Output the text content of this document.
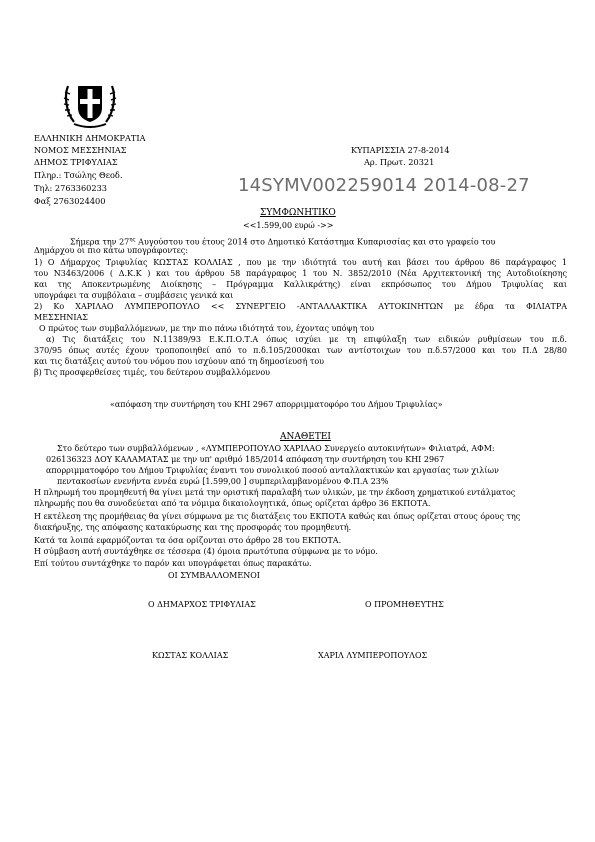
ΕΛΛΗΝΙΚΗ ΔΗΜΟΚΡΑΤΙΑ
ΝΟΜΟΣ ΜΕΣΣΗΝΙΑΣ
ΔΗΜΟΣ ΤΡΙΦΥΛΙΑΣ
Πληρ.: Τσώλης Θεοδ.
Τηλ: 2763360233
Φαξ 2763024400
ΚΥΠΑΡΙΣΣΙΑ 27-8-2014
Αρ. Πρωτ. 20321
14SYMV002259014 2014-08-27
ΣΥΜΦΩΝΗΤΙΚΟ
<<1.599,00 ευρώ ->>
Σήμερα την $27^{\eta\varsigma}$ Αυγούστου του έτους 2014 στο Δημοτικό Κατάστημα Κυπαρισσίας και στο γραφείο του
Δημάρχου οι πιο κάτω υπογράφοντες:
1) Ο Δήμαρχος Τριφυλίας ΚΩΣΤΑΣ ΚΟΛΛΙΑΣ , που με την ιδιότητά του αυτή και βάσει του άρθρου 86 παράγραφος 1
του Ν3463/2006 ( Δ.Κ.Κ ) και του άρθρου 58 παράγραφος 1 του Ν. 3852/2010 (Νέα Αρχιτεκτονική της Αυτοδιοίκησης
και της Αποκεντρωμένης Διοίκησης – Πρόγραμμα Καλλικράτης) είναι εκπρόσωπος του Δήμου Τριφυλίας και
υπογράφει τα συμβόλαια – συμβάσεις γενικά και
2) Κο ΧΑΡΙΛΑΟ ΛΥΜΠΕΡΟΠΟΥΛΟ << ΣΥΝΕΡΓΕΙΟ -ΑΝΤΑΛΛΑΚΤΙΚΑ ΑΥΤΟΚΙΝΗΤΩΝ με έδρα τα ΦΙΛΙΑΤΡΑ
ΜΕΣΣΗΝΙΑΣ
Ο πρώτος των συμβαλλόμενων, με την πιο πάνω ιδιότητά του, έχοντας υπόψη του
α) Τις διατάξεις του Ν.11389/93 Ε.Κ.Π.Ο.Τ.Α όπως ισχύει με τη επιφύλαξη των ειδικών ρυθμίσεων του π.δ.
370/95 όπως αυτές έχουν τροποποιηθεί από το π.δ.105/2000και των αντίστοιχων του π.δ.57/2000 και του Π.Δ 28/80
και τις διατάξεις αυτού του νόμου που ισχύουν από τη δημοσίευσή του
β) Τις προσφερθείσες τιμές, του δεύτερου συμβαλλόμενου
«απόφαση την συντήρηση του ΚΗΙ 2967 απορριμματοφόρο του Δήμου Τριφυλίας»
ΑΝΑΘΕΤΕΙ
Στο δεύτερο των συμβαλλόμενων , «ΛΥΜΠΕΡΟΠΟΥΛΟ ΧΑΡΙΛΑΟ Συνεργείο αυτοκινήτων» Φιλιατρά, ΑΦΜ:
026136323 ΔΟΥ ΚΑΛΑΜΑΤΑΣ με την υπ' αριθμό 185/2014 απόφαση την συντήρηση του ΚΗΙ 2967
απορριμματοφόρο του Δήμου Τριφυλίας έναντι του συνολικού ποσού ανταλλακτικών και εργασίας των χιλίων
πεντακοσίων ενενήντα εννέα ευρώ [1.599,00 ] συμπεριλαμβανομένου Φ.Π.Α 23%
Η πληρωμή του προμηθευτή θα γίνει μετά την οριστική παραλαβή των υλικών, με την έκδοση χρηματικού εντάλματος
πληρωμής που θα συνοδεύεται από τα νόμιμα δικαιολογητικά, όπως ορίζεται άρθρο 36 ΕΚΠΟΤΑ.
Η εκτέλεση της προμήθειας θα γίνει σύμφωνα με τις διατάξεις του ΕΚΠΟΤΑ καθώς και όπως ορίζεται στους όρους της
διακήρυξης, της απόφασης κατακύρωσης και της προσφοράς του προμηθευτή.
Κατά τα λοιπά εφαρμόζονται τα όσα ορίζονται στο άρθρο 28 του ΕΚΠΟΤΑ.
Η σύμβαση αυτή συντάχθηκε σε τέσσερα (4) όμοια πρωτότυπα σύμφωνα με το νόμο.
Επί τούτου συντάχθηκε το παρόν και υπογράφεται όπως παρακάτω.
ΟΙ ΣΥΜΒΑΛΛΟΜΕΝΟΙ
Ο ΔΗΜΑΡΧΟΣ ΤΡΙΦΥΛΙΑΣ	Ο ΠΡΟΜΗΘΕΥΤΗΣ
ΚΩΣΤΑΣ ΚΟΛΛΙΑΣ	ΧΑΡΙΛ ΛΥΜΠΕΡΟΠΟΥΛΟΣ
